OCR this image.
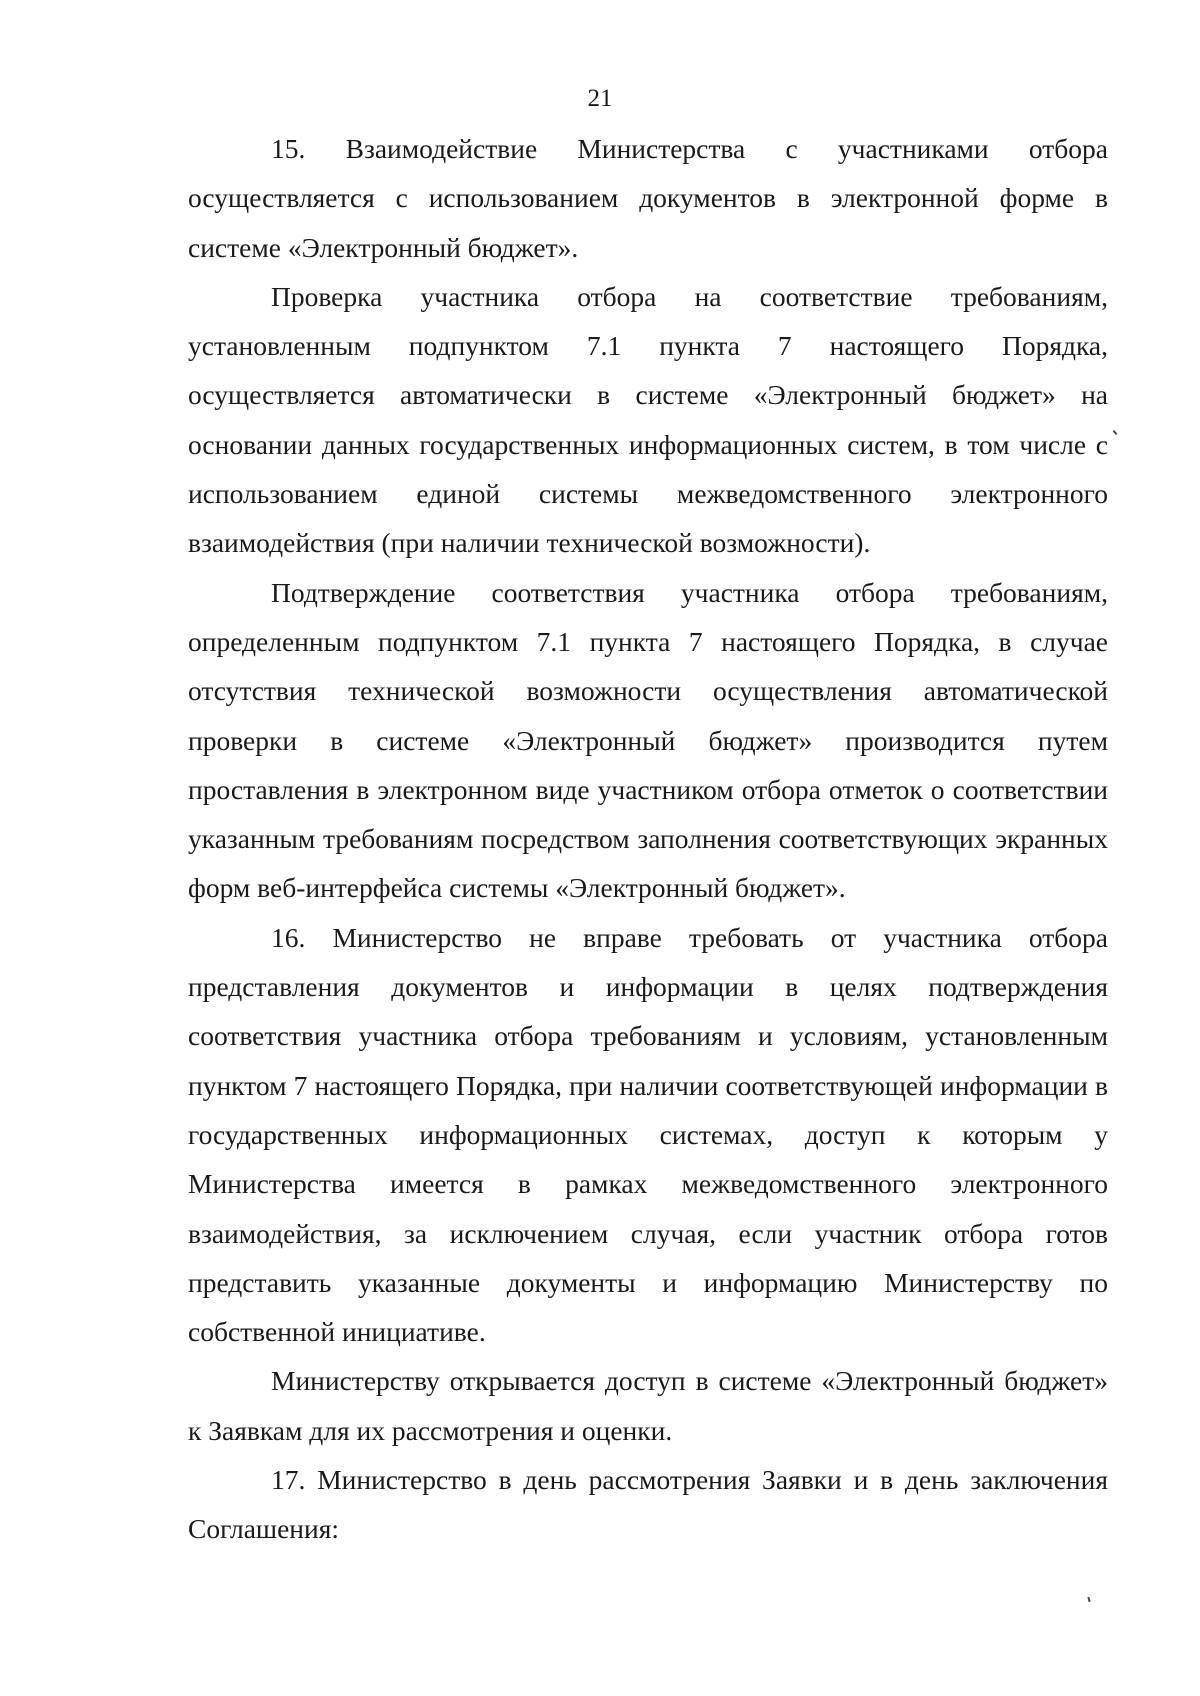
21

15. Взаимодействие Министерства с участниками отбора осуществляется с использованием документов в электронной форме в системе «Электронный бюджет».

Проверка участника отбора на соответствие требованиям, установленным подпунктом 7.1 пункта 7 настоящего Порядка, осуществляется автоматически в системе «Электронный бюджет» на основании данных государственных информационных систем, в том числе с использованием единой системы межведомственного электронного взаимодействия (при наличии технической возможности).

Подтверждение соответствия участника отбора требованиям, определенным подпунктом 7.1 пункта 7 настоящего Порядка, в случае отсутствия технической возможности осуществления автоматической проверки в системе «Электронный бюджет» производится путем проставления в электронном виде участником отбора отметок о соответствии указанным требованиям посредством заполнения соответствующих экранных форм веб-интерфейса системы «Электронный бюджет».

16. Министерство не вправе требовать от участника отбора представления документов и информации в целях подтверждения соответствия участника отбора требованиям и условиям, установленным пунктом 7 настоящего Порядка, при наличии соответствующей информации в государственных информационных системах, доступ к которым у Министерства имеется в рамках межведомственного электронного взаимодействия, за исключением случая, если участник отбора готов представить указанные документы и информацию Министерству по собственной инициативе.

Министерству открывается доступ в системе «Электронный бюджет» к Заявкам для их рассмотрения и оценки.

17. Министерство в день рассмотрения Заявки и в день заключения Соглашения:
